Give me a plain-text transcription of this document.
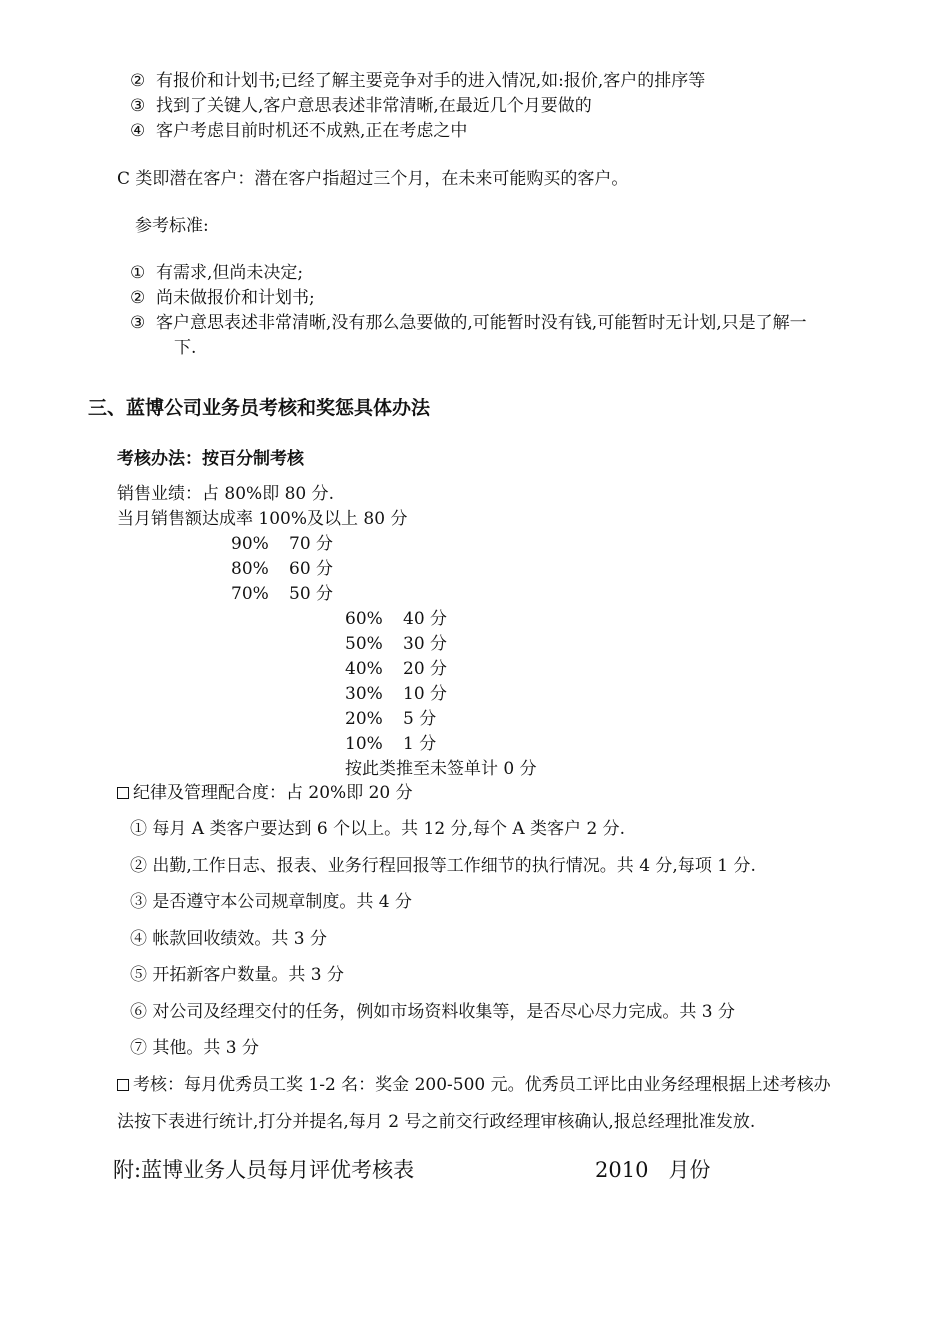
② 有报价和计划书;已经了解主要竞争对手的进入情况,如:报价,客户的排序等
③ 找到了关键人,客户意思表述非常清晰,在最近几个月要做的
④ 客户考虑目前时机还不成熟,正在考虑之中
C 类即潜在客户：潜在客户指超过三个月，在未来可能购买的客户。
参考标准:
① 有需求,但尚未决定;
② 尚未做报价和计划书;
③ 客户意思表述非常清晰,没有那么急要做的,可能暂时没有钱,可能暂时无计划,只是了解一
下.
三、蓝博公司业务员考核和奖惩具体办法
考核办法：按百分制考核
销售业绩：占 80%即 80 分.
当月销售额达成率 100%及以上 80 分
90% 70 分
80% 60 分
70% 50 分
60% 40 分
50% 30 分
40% 20 分
30% 10 分
20% 5 分
10% 1 分
按此类推至未签单计 0 分
纪律及管理配合度：占 20%即 20 分
① 每月 A 类客户要达到 6 个以上。共 12 分,每个 A 类客户 2 分.
② 出勤,工作日志、报表、业务行程回报等工作细节的执行情况。共 4 分,每项 1 分.
③ 是否遵守本公司规章制度。共 4 分
④ 帐款回收绩效。共 3 分
⑤ 开拓新客户数量。共 3 分
⑥ 对公司及经理交付的任务，例如市场资料收集等，是否尽心尽力完成。共 3 分
⑦ 其他。共 3 分
考核：每月优秀员工奖 1-2 名：奖金 200-500 元。优秀员工评比由业务经理根据上述考核办
法按下表进行统计,打分并提名,每月 2 号之前交行政经理审核确认,报总经理批准发放.
附:蓝博业务人员每月评优考核表	2010 月份
